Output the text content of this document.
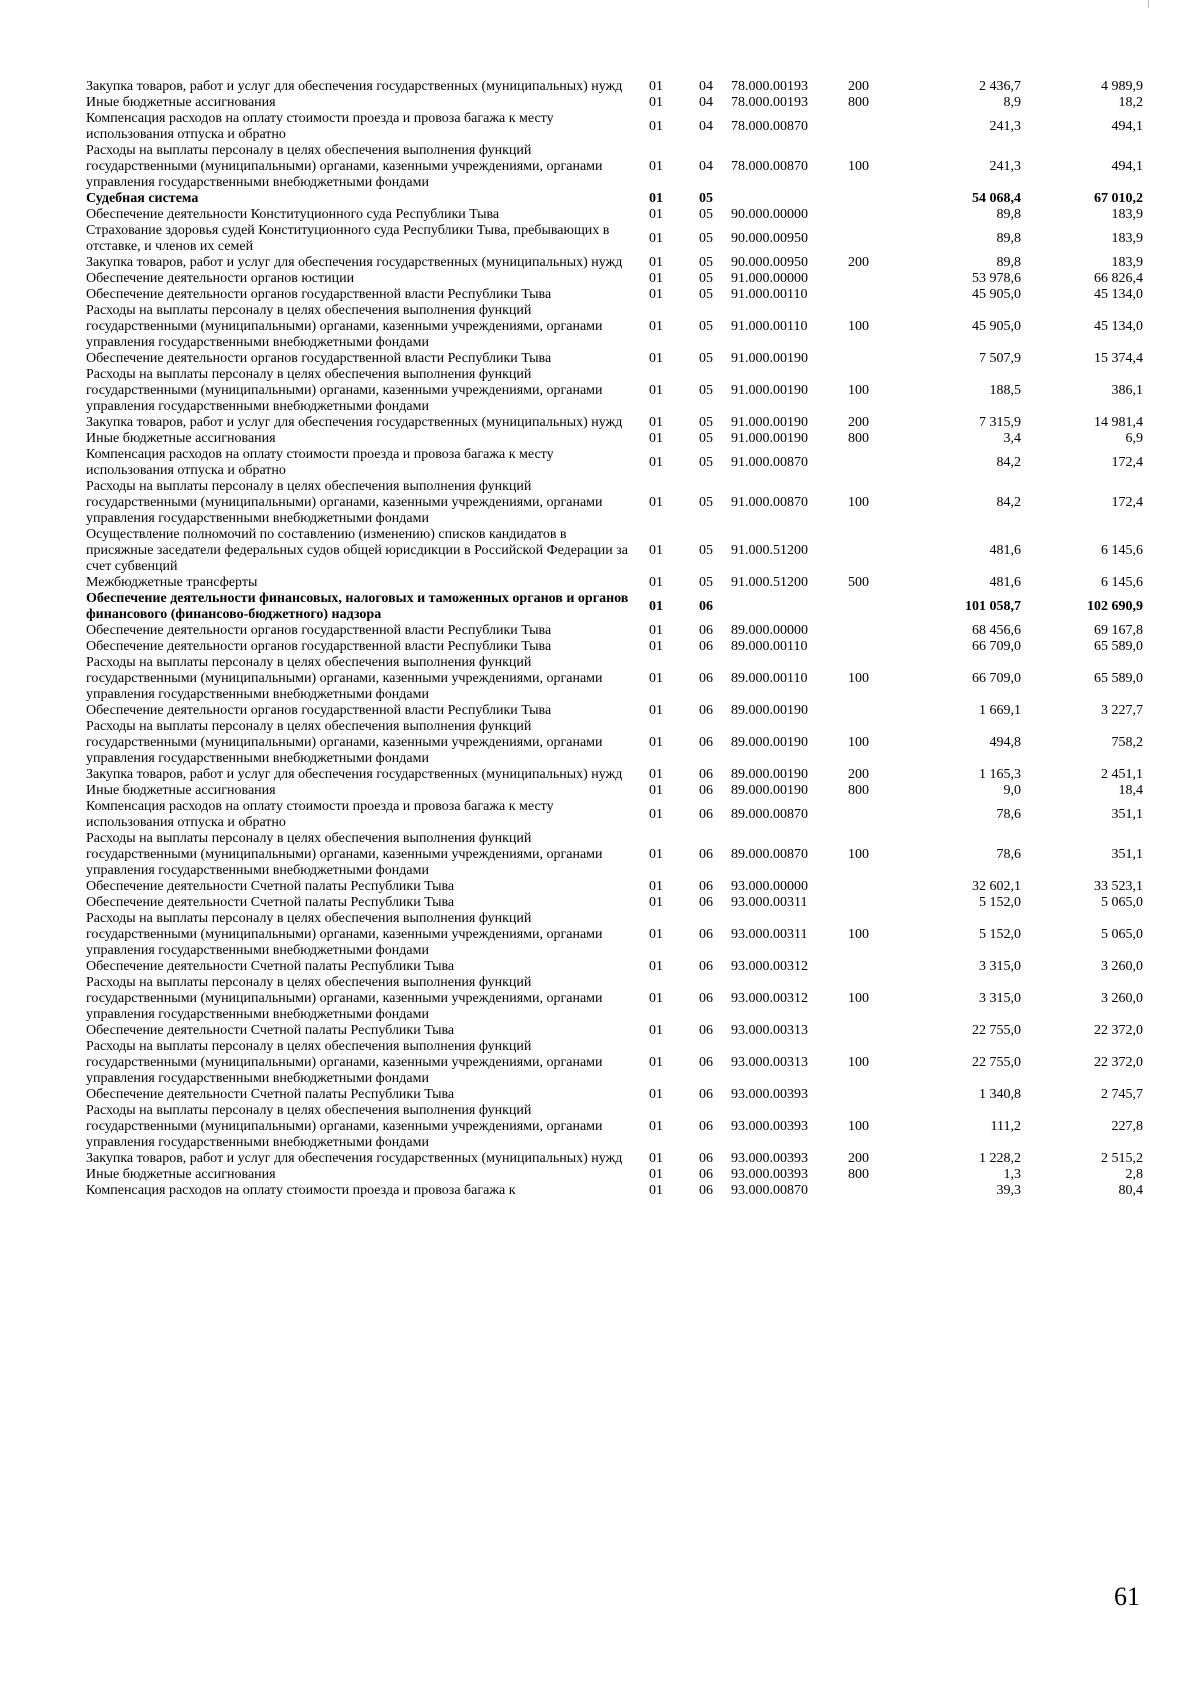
Закупка товаров, работ и услуг для обеспечения государственных (муниципальных) нужд	01	04	78.000.00193	200	2 436,7	4 989,9
Иные бюджетные ассигнования	01	04	78.000.00193	800	8,9	18,2
Компенсация расходов на оплату стоимости проезда и провоза багажа к месту использования отпуска и обратно	01	04	78.000.00870		241,3	494,1
Расходы на выплаты персоналу в целях обеспечения выполнения функций государственными (муниципальными) органами, казенными учреждениями, органами управления государственными внебюджетными фондами	01	04	78.000.00870	100	241,3	494,1
Судебная система	01	05			54 068,4	67 010,2
Обеспечение деятельности Конституционного суда Республики Тыва	01	05	90.000.00000		89,8	183,9
Страхование здоровья судей Конституционного суда Республики Тыва, пребывающих в отставке, и членов их семей	01	05	90.000.00950		89,8	183,9
Закупка товаров, работ и услуг для обеспечения государственных (муниципальных) нужд	01	05	90.000.00950	200	89,8	183,9
Обеспечение деятельности органов юстиции	01	05	91.000.00000		53 978,6	66 826,4
Обеспечение деятельности органов государственной власти Республики Тыва	01	05	91.000.00110		45 905,0	45 134,0
Расходы на выплаты персоналу в целях обеспечения выполнения функций государственными (муниципальными) органами, казенными учреждениями, органами управления государственными внебюджетными фондами	01	05	91.000.00110	100	45 905,0	45 134,0
Обеспечение деятельности органов государственной власти Республики Тыва	01	05	91.000.00190		7 507,9	15 374,4
Расходы на выплаты персоналу в целях обеспечения выполнения функций государственными (муниципальными) органами, казенными учреждениями, органами управления государственными внебюджетными фондами	01	05	91.000.00190	100	188,5	386,1
Закупка товаров, работ и услуг для обеспечения государственных (муниципальных) нужд	01	05	91.000.00190	200	7 315,9	14 981,4
Иные бюджетные ассигнования	01	05	91.000.00190	800	3,4	6,9
Компенсация расходов на оплату стоимости проезда и провоза багажа к месту использования отпуска и обратно	01	05	91.000.00870		84,2	172,4
Расходы на выплаты персоналу в целях обеспечения выполнения функций государственными (муниципальными) органами, казенными учреждениями, органами управления государственными внебюджетными фондами	01	05	91.000.00870	100	84,2	172,4
Осуществление полномочий по составлению (изменению) списков кандидатов в присяжные заседатели федеральных судов общей юрисдикции в Российской Федерации за счет субвенций	01	05	91.000.51200		481,6	6 145,6
Межбюджетные трансферты	01	05	91.000.51200	500	481,6	6 145,6
Обеспечение деятельности финансовых, налоговых и таможенных органов и органов финансового (финансово-бюджетного) надзора	01	06			101 058,7	102 690,9
Обеспечение деятельности органов государственной власти Республики Тыва	01	06	89.000.00000		68 456,6	69 167,8
Обеспечение деятельности органов государственной власти Республики Тыва	01	06	89.000.00110		66 709,0	65 589,0
Расходы на выплаты персоналу в целях обеспечения выполнения функций государственными (муниципальными) органами, казенными учреждениями, органами управления государственными внебюджетными фондами	01	06	89.000.00110	100	66 709,0	65 589,0
Обеспечение деятельности органов государственной власти Республики Тыва	01	06	89.000.00190		1 669,1	3 227,7
Расходы на выплаты персоналу в целях обеспечения выполнения функций государственными (муниципальными) органами, казенными учреждениями, органами управления государственными внебюджетными фондами	01	06	89.000.00190	100	494,8	758,2
Закупка товаров, работ и услуг для обеспечения государственных (муниципальных) нужд	01	06	89.000.00190	200	1 165,3	2 451,1
Иные бюджетные ассигнования	01	06	89.000.00190	800	9,0	18,4
Компенсация расходов на оплату стоимости проезда и провоза багажа к месту использования отпуска и обратно	01	06	89.000.00870		78,6	351,1
Расходы на выплаты персоналу в целях обеспечения выполнения функций государственными (муниципальными) органами, казенными учреждениями, органами управления государственными внебюджетными фондами	01	06	89.000.00870	100	78,6	351,1
Обеспечение деятельности Счетной палаты Республики Тыва	01	06	93.000.00000		32 602,1	33 523,1
Обеспечение деятельности Счетной палаты Республики Тыва	01	06	93.000.00311		5 152,0	5 065,0
Расходы на выплаты персоналу в целях обеспечения выполнения функций государственными (муниципальными) органами, казенными учреждениями, органами управления государственными внебюджетными фондами	01	06	93.000.00311	100	5 152,0	5 065,0
Обеспечение деятельности Счетной палаты Республики Тыва	01	06	93.000.00312		3 315,0	3 260,0
Расходы на выплаты персоналу в целях обеспечения выполнения функций государственными (муниципальными) органами, казенными учреждениями, органами управления государственными внебюджетными фондами	01	06	93.000.00312	100	3 315,0	3 260,0
Обеспечение деятельности Счетной палаты Республики Тыва	01	06	93.000.00313		22 755,0	22 372,0
Расходы на выплаты персоналу в целях обеспечения выполнения функций государственными (муниципальными) органами, казенными учреждениями, органами управления государственными внебюджетными фондами	01	06	93.000.00313	100	22 755,0	22 372,0
Обеспечение деятельности Счетной палаты Республики Тыва	01	06	93.000.00393		1 340,8	2 745,7
Расходы на выплаты персоналу в целях обеспечения выполнения функций государственными (муниципальными) органами, казенными учреждениями, органами управления государственными внебюджетными фондами	01	06	93.000.00393	100	111,2	227,8
Закупка товаров, работ и услуг для обеспечения государственных (муниципальных) нужд	01	06	93.000.00393	200	1 228,2	2 515,2
Иные бюджетные ассигнования	01	06	93.000.00393	800	1,3	2,8
Компенсация расходов на оплату стоимости проезда и провоза багажа к	01	06	93.000.00870		39,3	80,4
61
